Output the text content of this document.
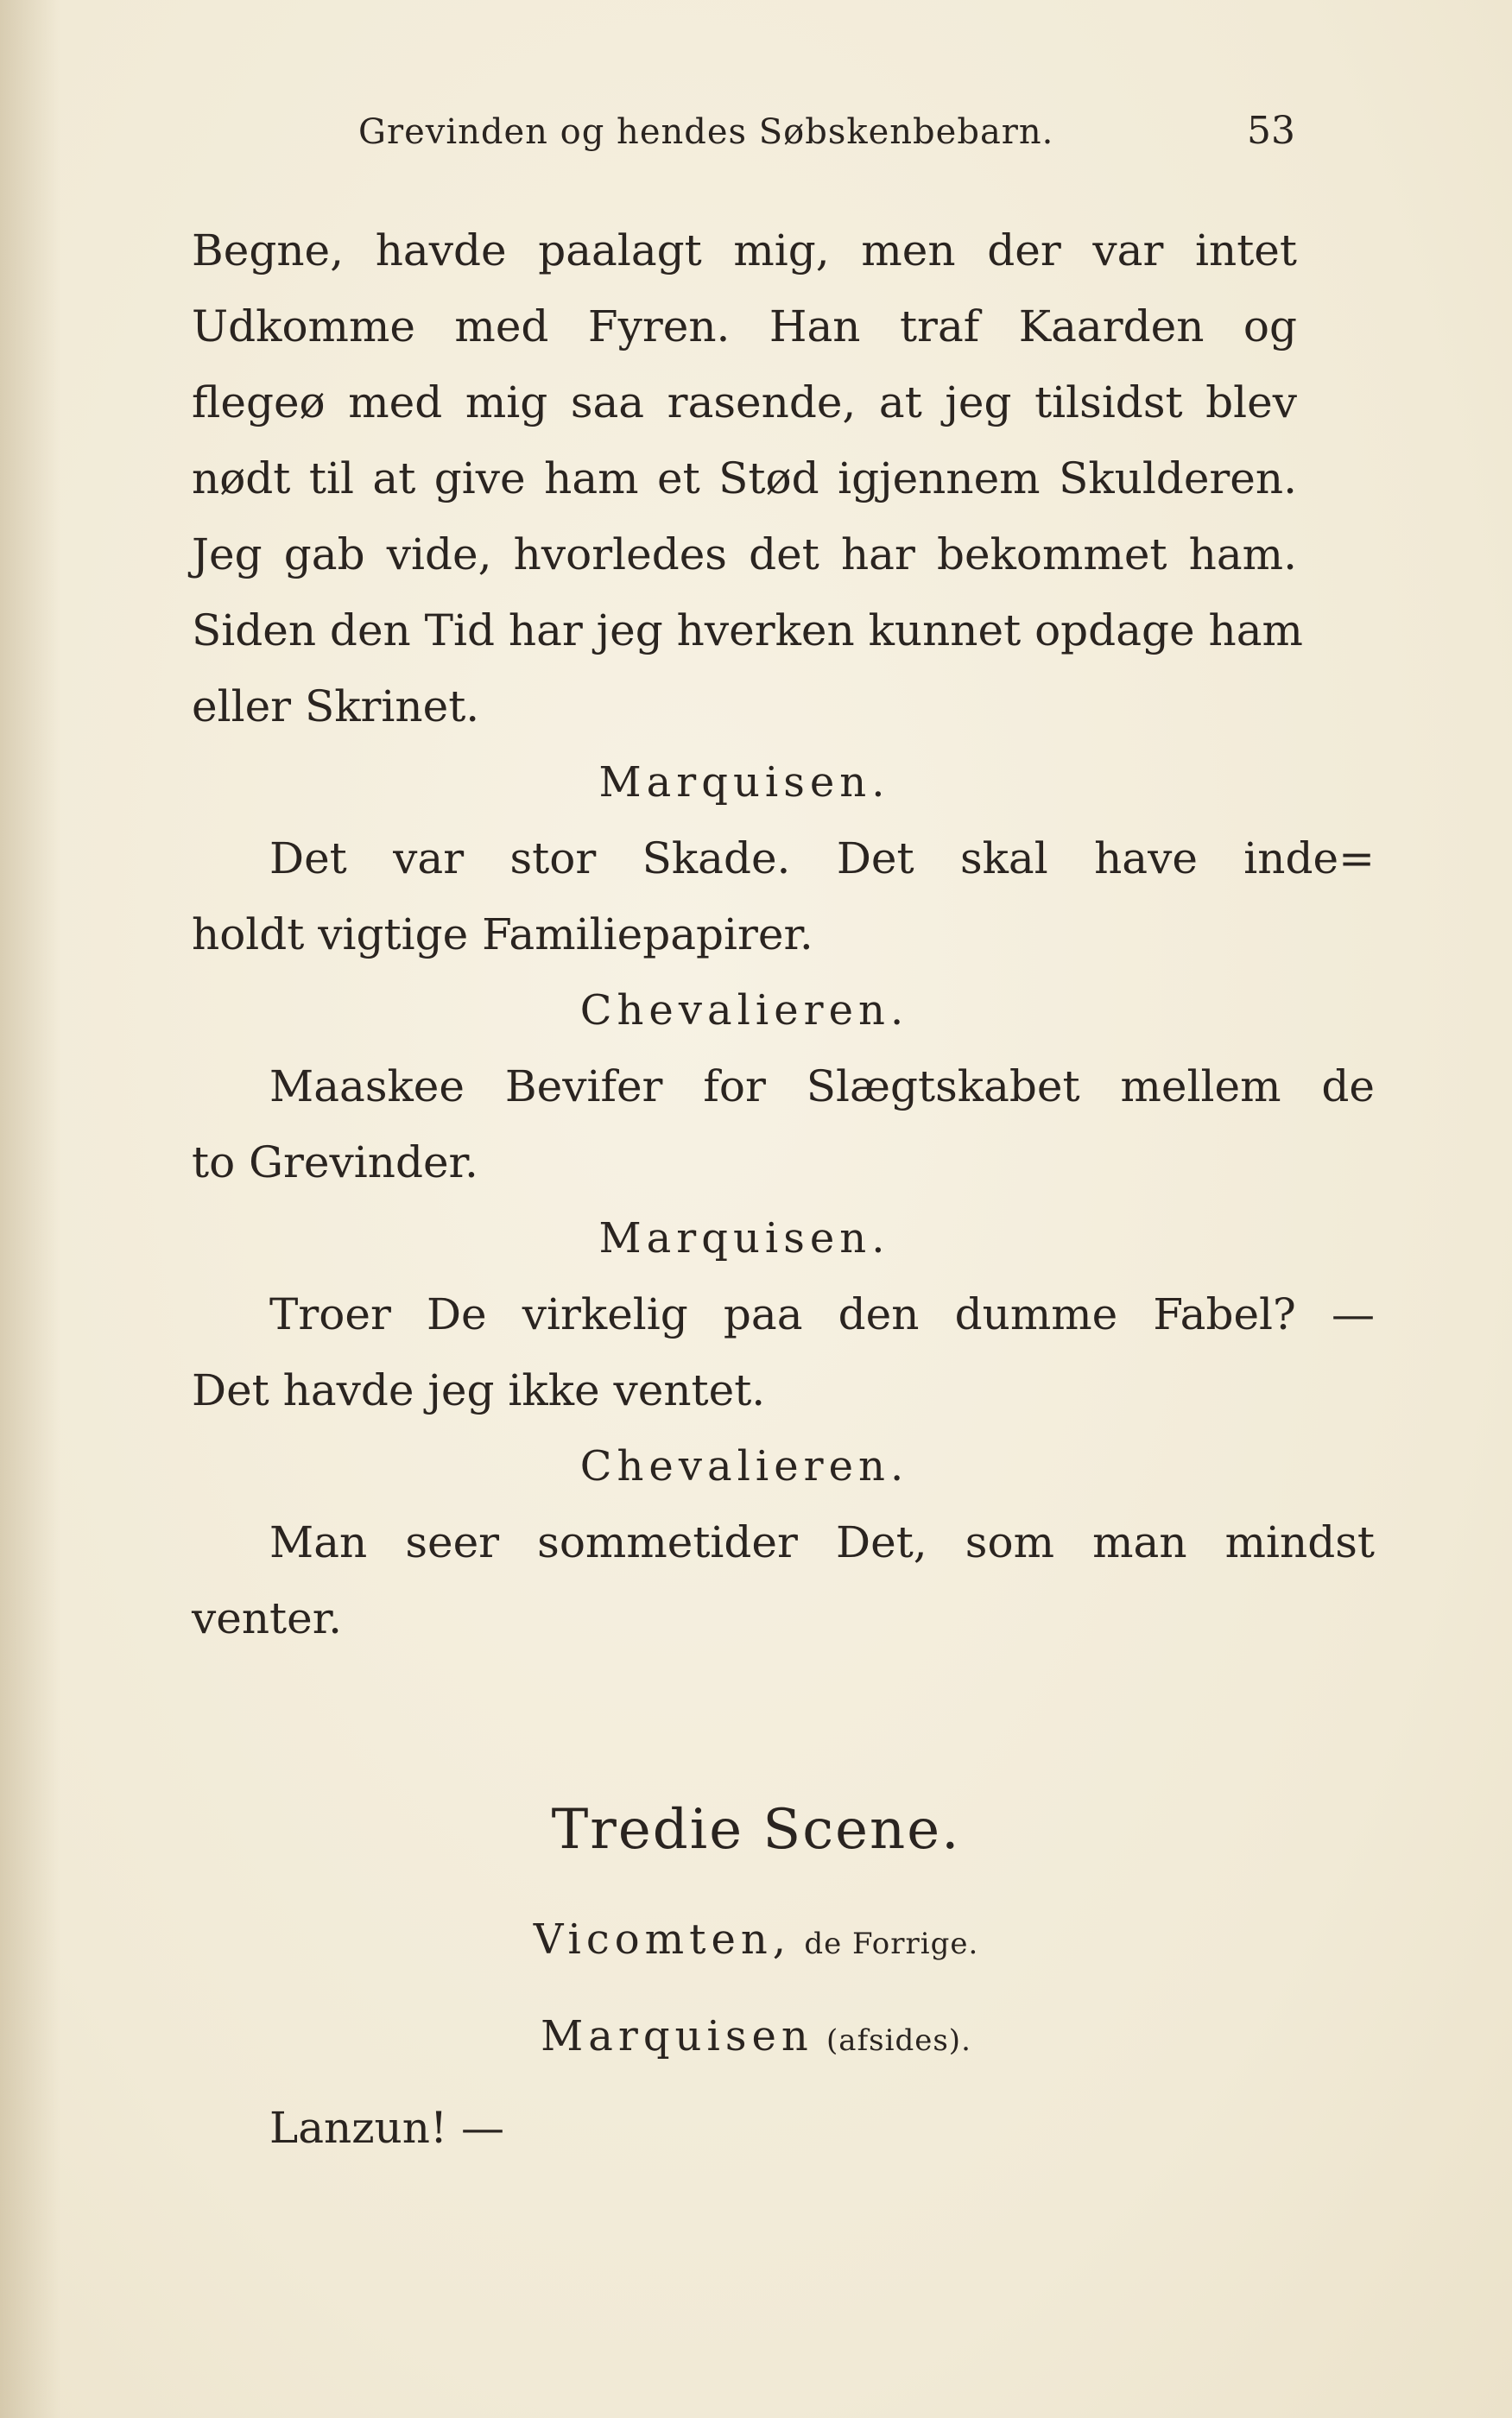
Grevinden og hendes Søbskenbebarn.	53
Begne, havde paalagt mig, men der var intet
Udkomme med Fyren. Han traf Kaarden og
flegeø med mig saa rasende, at jeg tilsidst blev
nødt til at give ham et Stød igjennem Skulderen.
Jeg gab vide, hvorledes det har bekommet ham.
Siden den Tid har jeg hverken kunnet opdage ham
eller Skrinet.
Marquisen.
Det var stor Skade. Det skal have inde=
holdt vigtige Familiepapirer.
Chevalieren.
Maaskee Bevifer for Slægtskabet mellem de
to Grevinder.
Marquisen.
Troer De virkelig paa den dumme Fabel? —
Det havde jeg ikke ventet.
Chevalieren.
Man seer sommetider Det, som man mindst
venter.
Tredie Scene.
Vicomten, de Forrige.
Marquisen (afsides).
Lanzun! —
